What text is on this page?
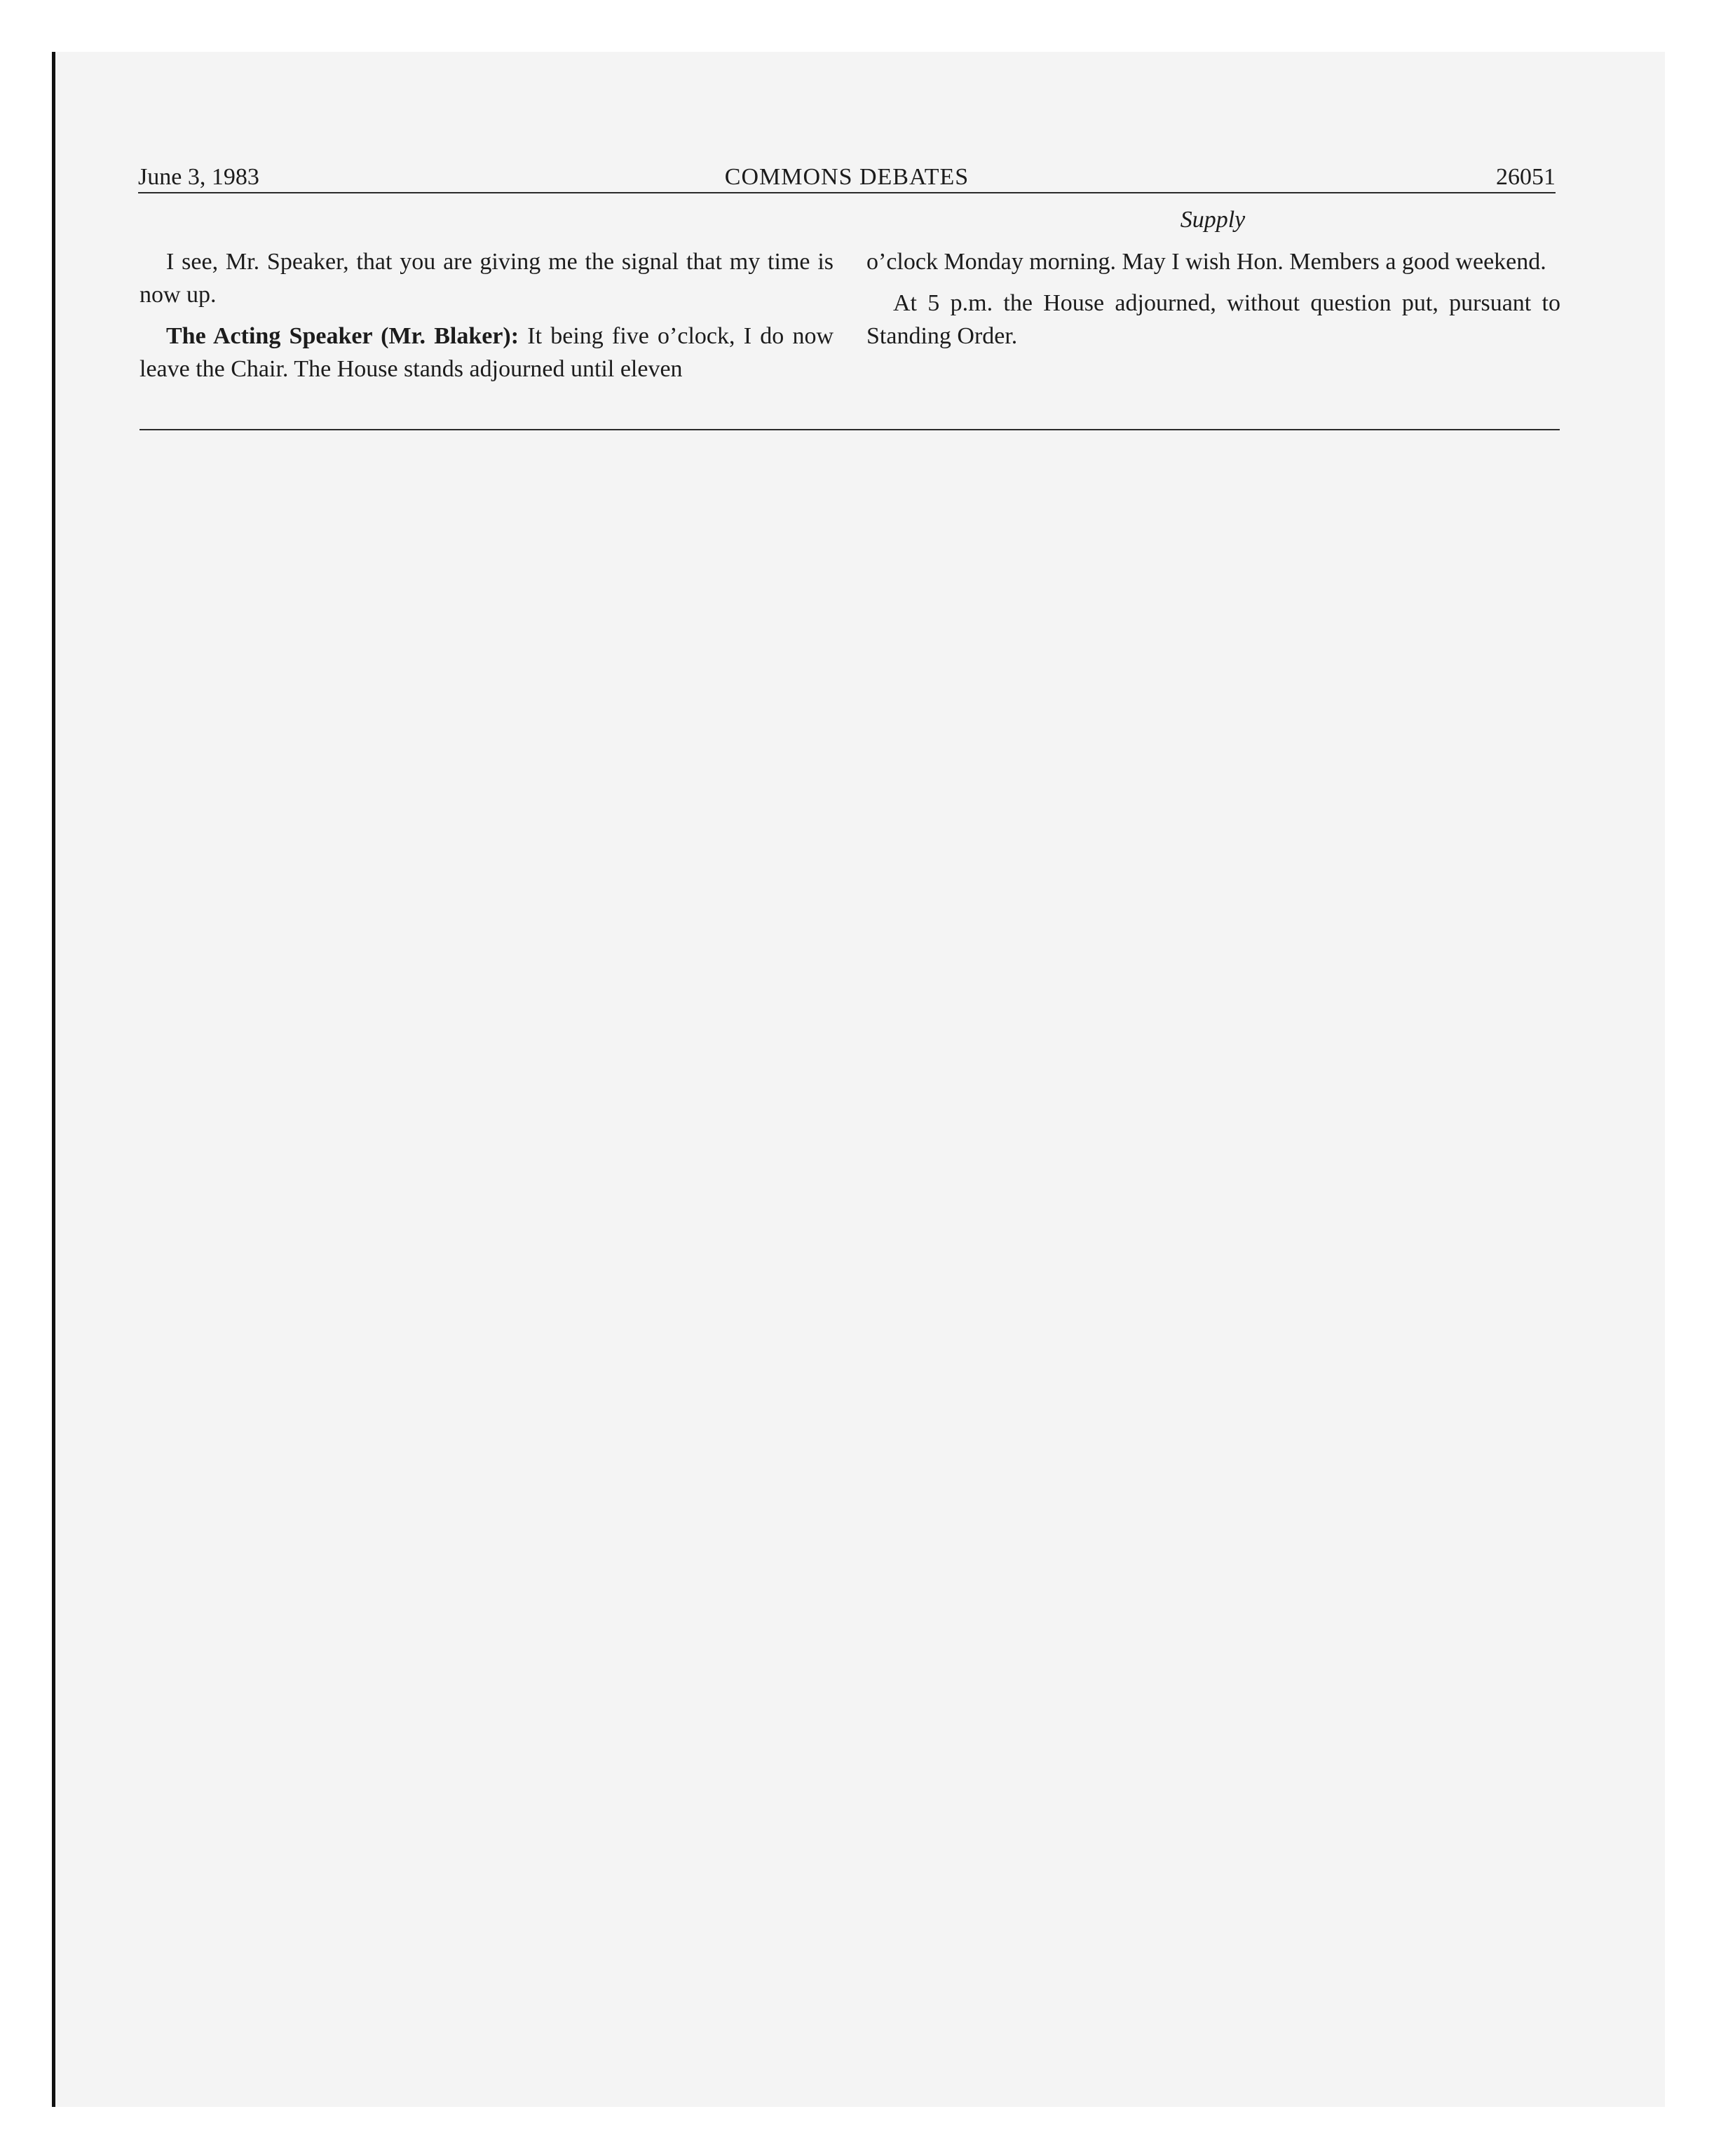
June 3, 1983	COMMONS DEBATES	26051
Supply

I see, Mr. Speaker, that you are giving me the signal that my time is now up.

The Acting Speaker (Mr. Blaker): It being five o’clock, I do now leave the Chair. The House stands adjourned until eleven

o’clock Monday morning. May I wish Hon. Members a good weekend.

At 5 p.m. the House adjourned, without question put, pursuant to Standing Order.
